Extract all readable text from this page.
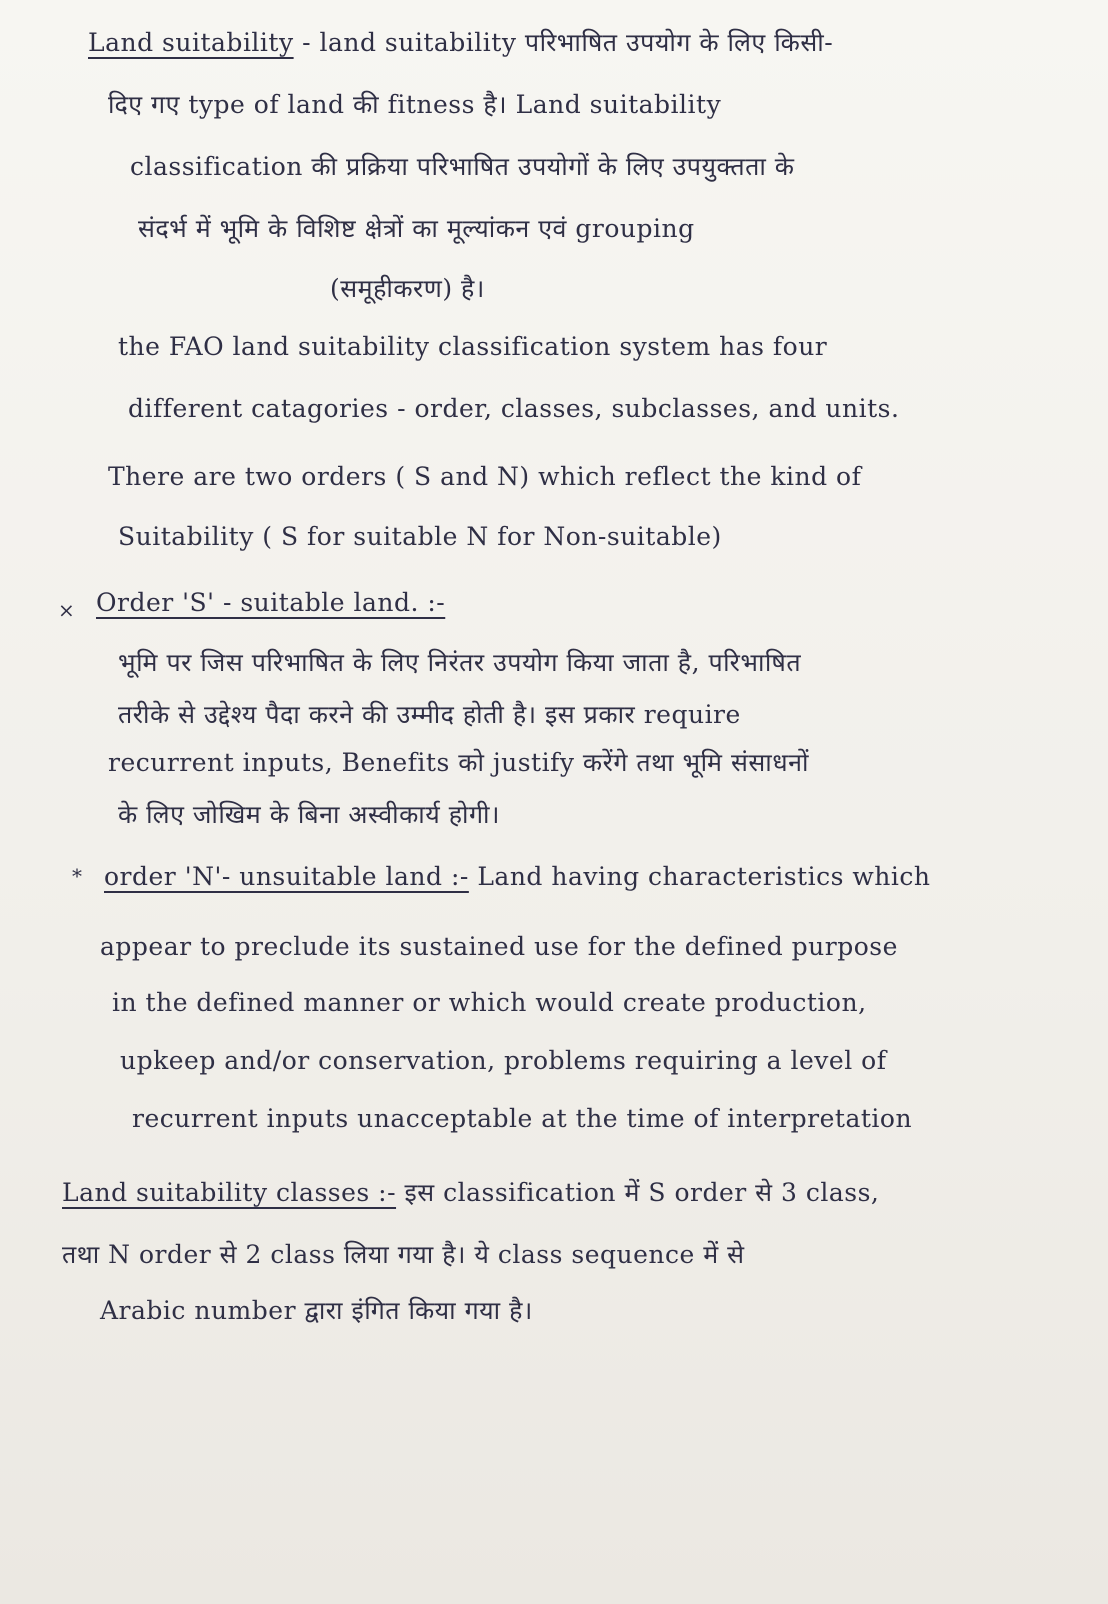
Land suitability - land suitability परिभाषित उपयोग के लिए किसी-
दिए गए type of land की fitness है। Land suitability
classification की प्रक्रिया परिभाषित उपयोगों के लिए उपयुक्तता के
संदर्भ में भूमि के विशिष्ट क्षेत्रों का मूल्यांकन एवं grouping
(समूहीकरण) है।
the FAO land suitability classification system has four
different catagories - order, classes, subclasses, and units.
There are two orders ( S and N) which reflect the kind of
Suitability ( S for suitable N for Non-suitable)
× Order 'S' - suitable land. :-
भूमि पर जिस परिभाषित के लिए निरंतर उपयोग किया जाता है, परिभाषित
तरीके से उद्देश्य पैदा करने की उम्मीद होती है। इस प्रकार require
recurrent inputs, Benefits को justify करेंगे तथा भूमि संसाधनों
के लिए जोखिम के बिना अस्वीकार्य होगी।
* order 'N'- unsuitable land :- Land having characteristics which
appear to preclude its sustained use for the defined purpose
in the defined manner or which would create production,
upkeep and/or conservation, problems requiring a level of
recurrent inputs unacceptable at the time of interpretation
Land suitability classes :- इस classification में S order से 3 class,
तथा N order से 2 class लिया गया है। ये class sequence में से
Arabic number द्वारा इंगित किया गया है।
